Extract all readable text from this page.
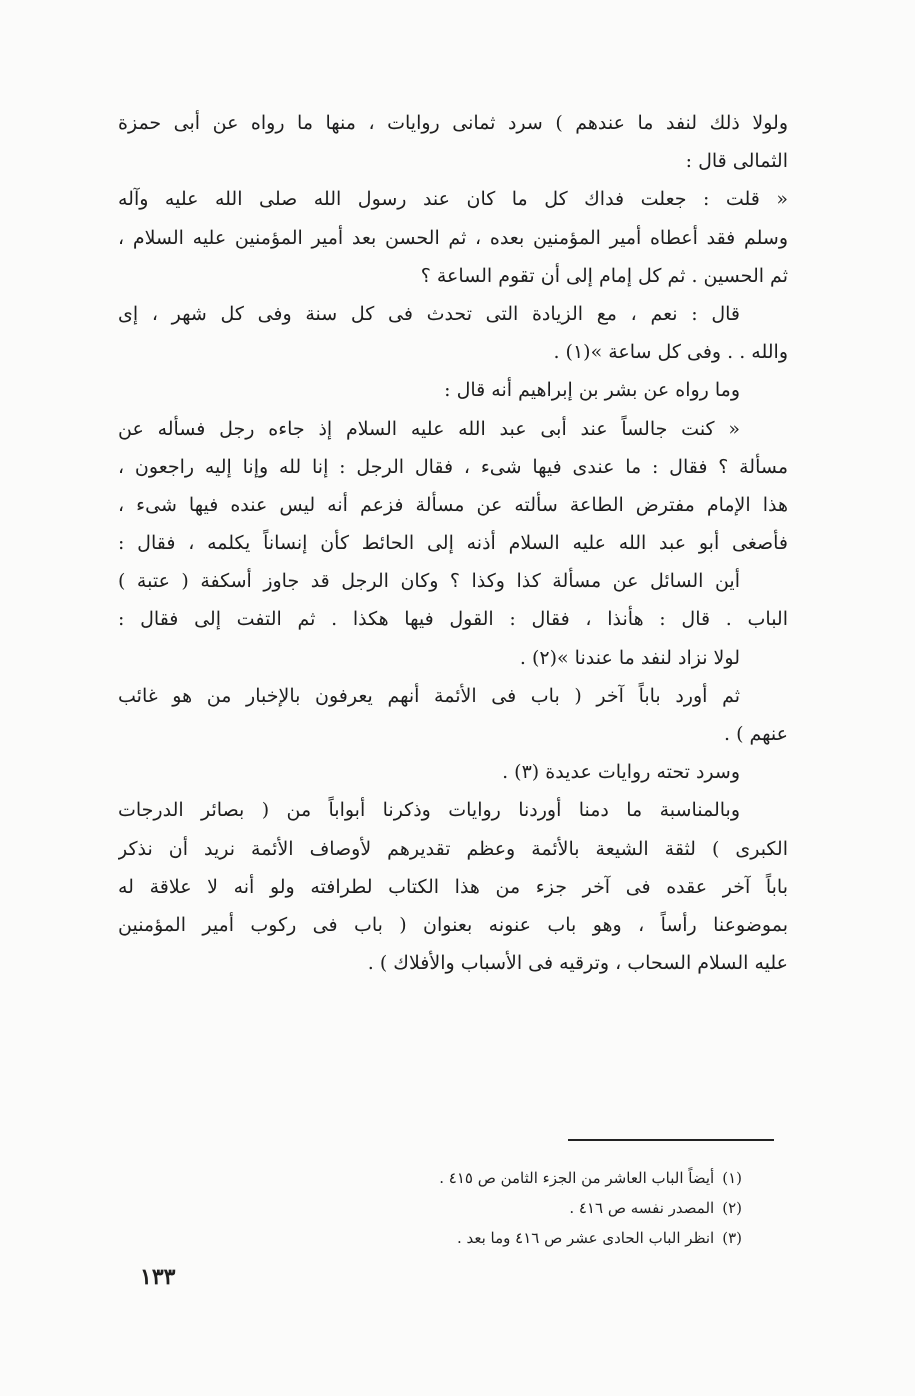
ولولا ذلك لنفد ما عندهم ) سرد ثمانى روايات ، منها ما رواه عن أبى حمزة
الثمالى قال :
« قلت : جعلت فداك كل ما كان عند رسول الله صلى الله عليه وآله
وسلم فقد أعطاه أمير المؤمنين بعده ، ثم الحسن بعد أمير المؤمنين عليه السلام ،
ثم الحسين . ثم كل إمام إلى أن تقوم الساعة ؟
قال : نعم ، مع الزيادة التى تحدث فى كل سنة وفى كل شهر ، إى
والله . . وفى كل ساعة »(١) .
وما رواه عن بشر بن إبراهيم أنه قال :
« كنت جالساً عند أبى عبد الله عليه السلام إذ جاءه رجل فسأله عن
مسألة ؟ فقال : ما عندى فيها شىء ، فقال الرجل : إنا لله وإنا إليه راجعون ،
هذا الإمام مفترض الطاعة سألته عن مسألة فزعم أنه ليس عنده فيها شىء ،
فأصغى أبو عبد الله عليه السلام أذنه إلى الحائط كأن إنساناً يكلمه ، فقال :
أين السائل عن مسألة كذا وكذا ؟ وكان الرجل قد جاوز أسكفة ( عتبة )
الباب . قال : هأنذا ، فقال : القول فيها هكذا . ثم التفت إلى فقال :
لولا نزاد لنفد ما عندنا »(٢) .
ثم أورد باباً آخر ( باب فى الأئمة أنهم يعرفون بالإخبار من هو غائب
عنهم ) .
وسرد تحته روايات عديدة (٣) .
وبالمناسبة ما دمنا أوردنا روايات وذكرنا أبواباً من ( بصائر الدرجات
الكبرى ) لثقة الشيعة بالأئمة وعظم تقديرهم لأوصاف الأئمة نريد أن نذكر
باباً آخر عقده فى آخر جزء من هذا الكتاب لطرافته ولو أنه لا علاقة له
بموضوعنا رأساً ، وهو باب عنونه بعنوان ( باب فى ركوب أمير المؤمنين
عليه السلام السحاب ، وترقيه فى الأسباب والأفلاك ) .
(١)أيضاً الباب العاشر من الجزء الثامن ص ٤١٥ .
(٢)المصدر نفسه ص ٤١٦ .
(٣)انظر الباب الحادى عشر ص ٤١٦ وما بعد .
١٣٣
